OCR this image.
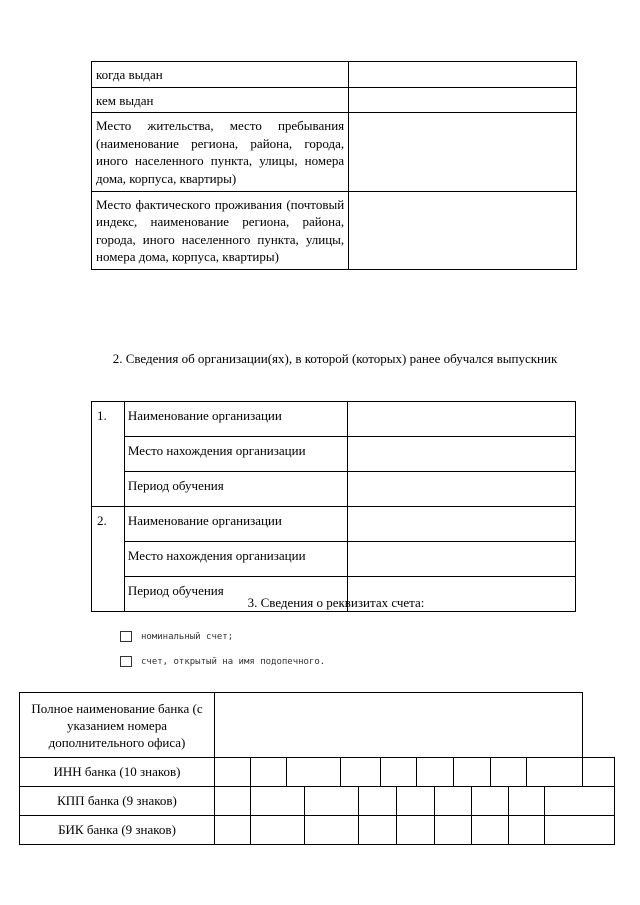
когда выдан	
кем выдан	
Место жительства, место пребывания (наименование региона, района, города, иного населенного пункта, улицы, номера дома, корпуса, квартиры)	
Место фактического проживания (почтовый индекс, наименование региона, района, города, иного населенного пункта, улицы, номера дома, корпуса, квартиры)	
2. Сведения об организации(ях), в которой (которых) ранее обучался выпускник
1.	Наименование организации	
	Место нахождения организации	
	Период обучения	
2.	Наименование организации	
	Место нахождения организации	
	Период обучения	
3. Сведения о реквизитах счета:
номинальный счет;
счет, открытый на имя подопечного.
Полное наименование банка (с указанием номера дополнительного офиса)																	
ИНН банка (10 знаков)																	
КПП банка (9 знаков)																	
БИК банка (9 знаков)																	
